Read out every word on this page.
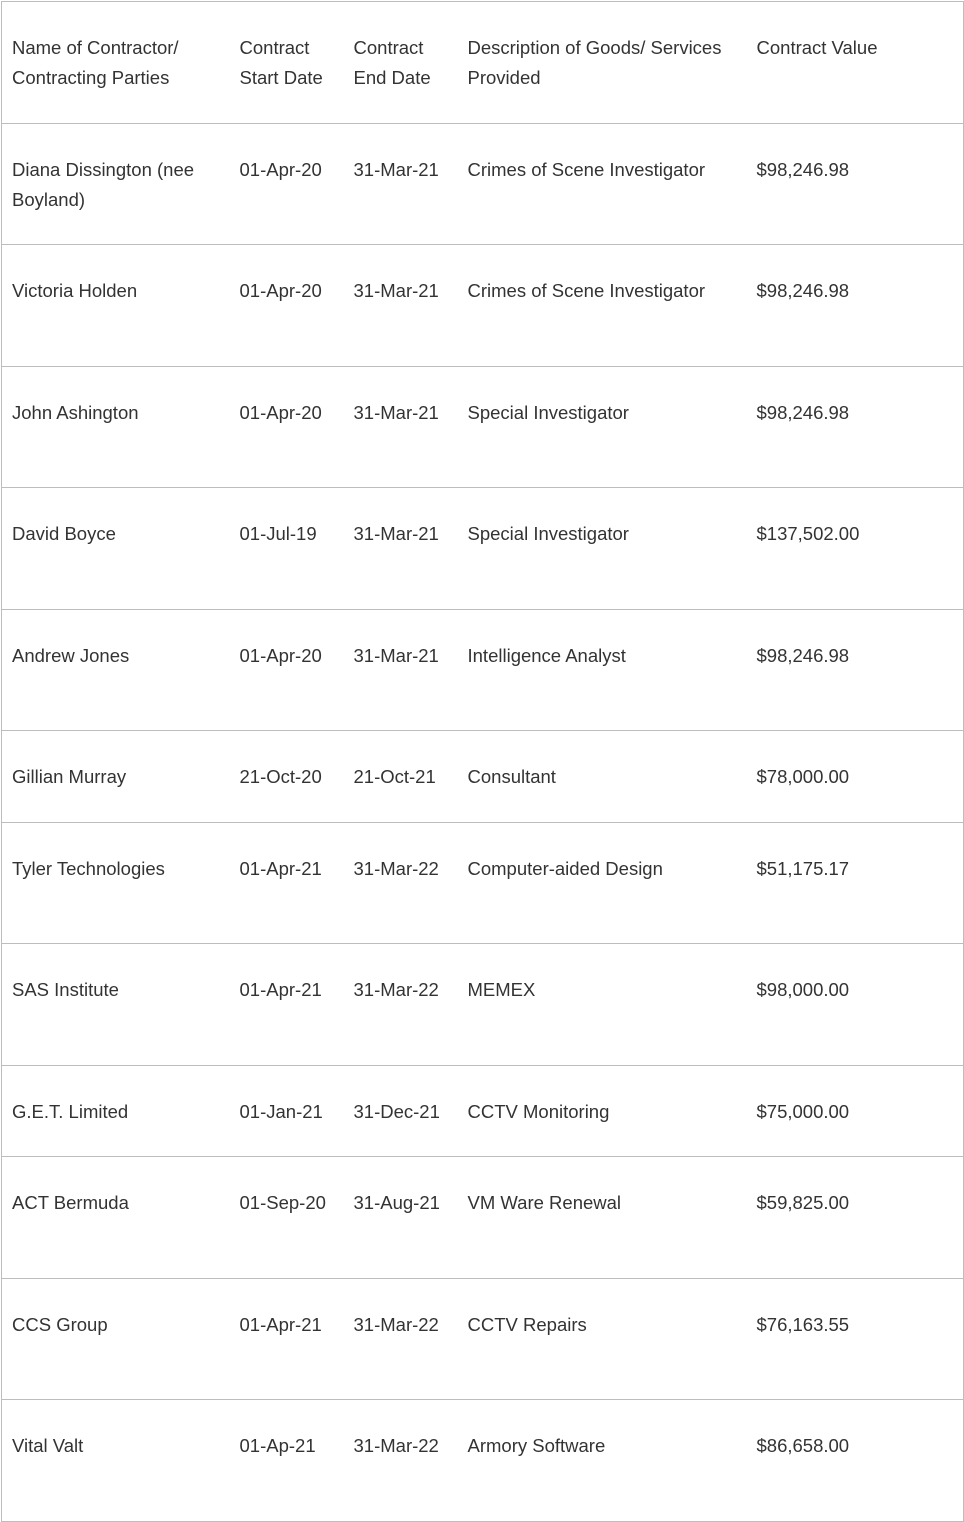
Name of Contractor/ Contracting Parties	Contract Start Date	Contract End Date	Description of Goods/ Services Provided	Contract Value
Diana Dissington (nee Boyland)	01-Apr-20	31-Mar-21	Crimes of Scene Investigator	$98,246.98
Victoria Holden	01-Apr-20	31-Mar-21	Crimes of Scene Investigator	$98,246.98
John Ashington	01-Apr-20	31-Mar-21	Special Investigator	$98,246.98
David Boyce	01-Jul-19	31-Mar-21	Special Investigator	$137,502.00
Andrew Jones	01-Apr-20	31-Mar-21	Intelligence Analyst	$98,246.98
Gillian Murray	21-Oct-20	21-Oct-21	Consultant	$78,000.00
Tyler Technologies	01-Apr-21	31-Mar-22	Computer-aided Design	$51,175.17
SAS Institute	01-Apr-21	31-Mar-22	MEMEX	$98,000.00
G.E.T. Limited	01-Jan-21	31-Dec-21	CCTV Monitoring	$75,000.00
ACT Bermuda	01-Sep-20	31-Aug-21	VM Ware Renewal	$59,825.00
CCS Group	01-Apr-21	31-Mar-22	CCTV Repairs	$76,163.55
Vital Valt	01-Ap-21	31-Mar-22	Armory Software	$86,658.00
